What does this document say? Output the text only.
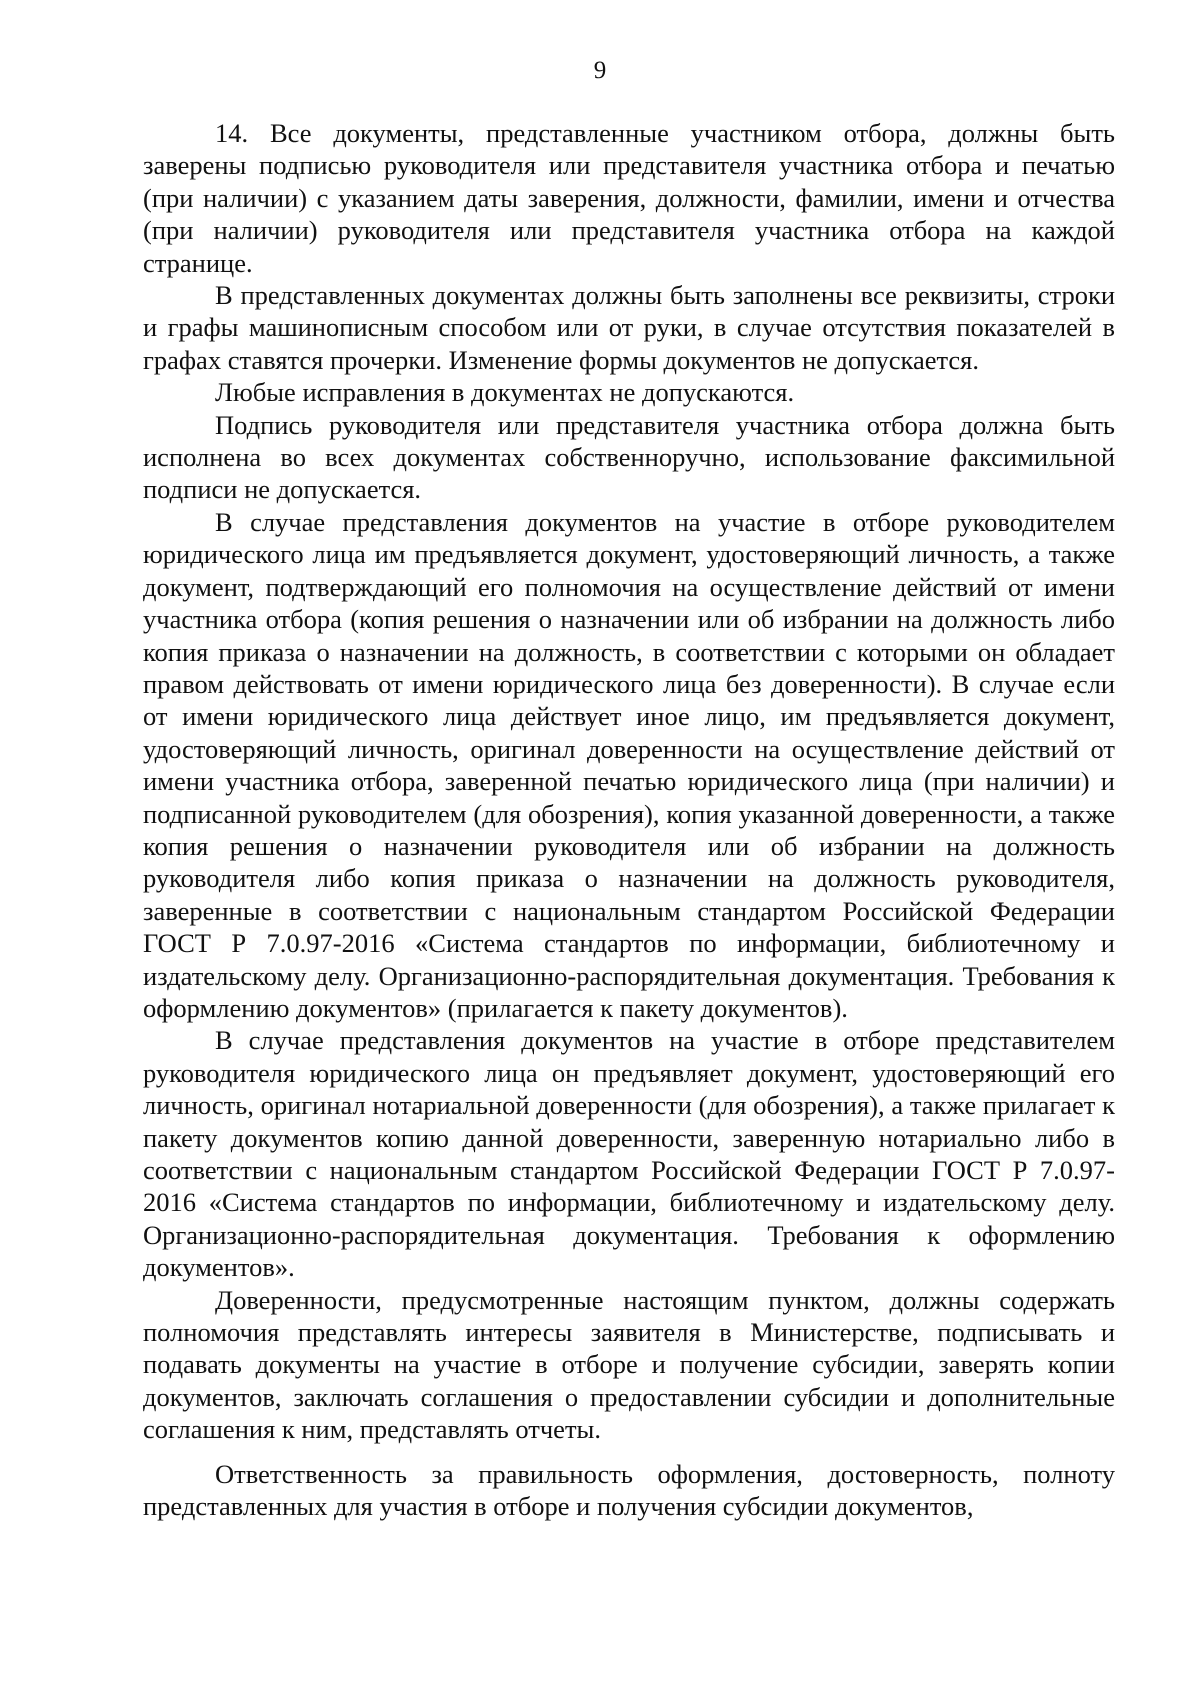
9

14. Все документы, представленные участником отбора, должны быть заверены подписью руководителя или представителя участника отбора и печатью (при наличии) с указанием даты заверения, должности, фамилии, имени и отчества (при наличии) руководителя или представителя участника отбора на каждой странице.

В представленных документах должны быть заполнены все реквизиты, строки и графы машинописным способом или от руки, в случае отсутствия показателей в графах ставятся прочерки. Изменение формы документов не допускается.

Любые исправления в документах не допускаются.

Подпись руководителя или представителя участника отбора должна быть исполнена во всех документах собственноручно, использование факсимильной подписи не допускается.

В случае представления документов на участие в отборе руководителем юридического лица им предъявляется документ, удостоверяющий личность, а также документ, подтверждающий его полномочия на осуществление действий от имени участника отбора (копия решения о назначении или об избрании на должность либо копия приказа о назначении на должность, в соответствии с которыми он обладает правом действовать от имени юридического лица без доверенности). В случае если от имени юридического лица действует иное лицо, им предъявляется документ, удостоверяющий личность, оригинал доверенности на осуществление действий от имени участника отбора, заверенной печатью юридического лица (при наличии) и подписанной руководителем (для обозрения), копия указанной доверенности, а также копия решения о назначении руководителя или об избрании на должность руководителя либо копия приказа о назначении на должность руководителя, заверенные в соответствии с национальным стандартом Российской Федерации ГОСТ Р 7.0.97-2016 «Система стандартов по информации, библиотечному и издательскому делу. Организационно-распорядительная документация. Требования к оформлению документов» (прилагается к пакету документов).

В случае представления документов на участие в отборе представителем руководителя юридического лица он предъявляет документ, удостоверяющий его личность, оригинал нотариальной доверенности (для обозрения), а также прилагает к пакету документов копию данной доверенности, заверенную нотариально либо в соответствии с национальным стандартом Российской Федерации ГОСТ Р 7.0.97-2016 «Система стандартов по информации, библиотечному и издательскому делу. Организационно-распорядительная документация. Требования к оформлению документов».

Доверенности, предусмотренные настоящим пунктом, должны содержать полномочия представлять интересы заявителя в Министерстве, подписывать и подавать документы на участие в отборе и получение субсидии, заверять копии документов, заключать соглашения о предоставлении субсидии и дополнительные соглашения к ним, представлять отчеты.

Ответственность за правильность оформления, достоверность, полноту представленных для участия в отборе и получения субсидии документов,
